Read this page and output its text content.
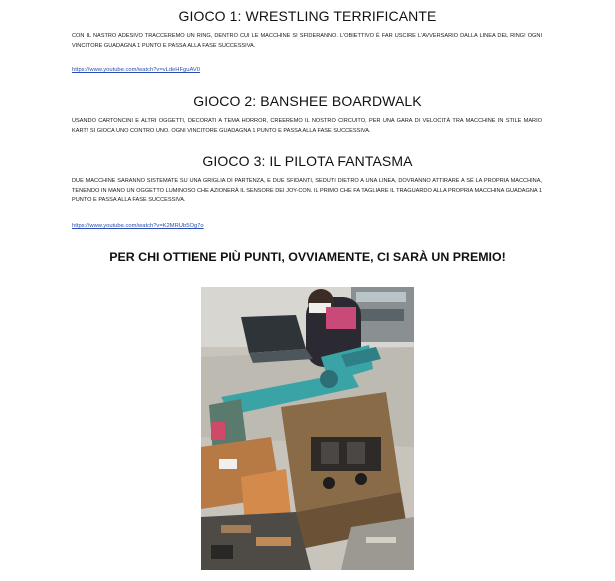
GIOCO 1: WRESTLING TERRIFICANTE

CON IL NASTRO ADESIVO TRACCEREMO UN RING, DENTRO CUI LE MACCHINE SI SFIDERANNO. L'OBIETTIVO È FAR USCIRE L'AVVERSARIO DALLA LINEA DEL RING! OGNI VINCITORE GUADAGNA 1 PUNTO E PASSA ALLA FASE SUCCESSIVA.

https://www.youtube.com/watch?v=vLdeHFguAV0
GIOCO 2: BANSHEE BOARDWALK

USANDO CARTONCINI E ALTRI OGGETTI, DECORATI A TEMA HORROR, CREEREMO IL NOSTRO CIRCUITO, PER UNA GARA DI VELOCITÀ TRA MACCHINE IN STILE MARIO KART! SI GIOCA UNO CONTRO UNO. OGNI VINCITORE GUADAGNA 1 PUNTO E PASSA ALLA FASE SUCCESSIVA.

GIOCO 3: IL PILOTA FANTASMA

DUE MACCHINE SARANNO SISTEMATE SU UNA GRIGLIA DI PARTENZA, E DUE SFIDANTI, SEDUTI DIETRO A UNA LINEA, DOVRANNO ATTIRARE A SÉ LA PROPRIA MACCHINA, TENENDO IN MANO UN OGGETTO LUMINOSO CHE AZIONERÀ IL SENSORE DEI JOY-CON. IL PRIMO CHE FA TAGLIARE IL TRAGUARDO ALLA PROPRIA MACCHINA GUADAGNA 1 PUNTO E PASSA ALLA FASE SUCCESSIVA.

https://www.youtube.com/watch?v=K2MRUb5Og7o

PER CHI OTTIENE PIÙ PUNTI, OVVIAMENTE, CI SARÀ UN PREMIO!
